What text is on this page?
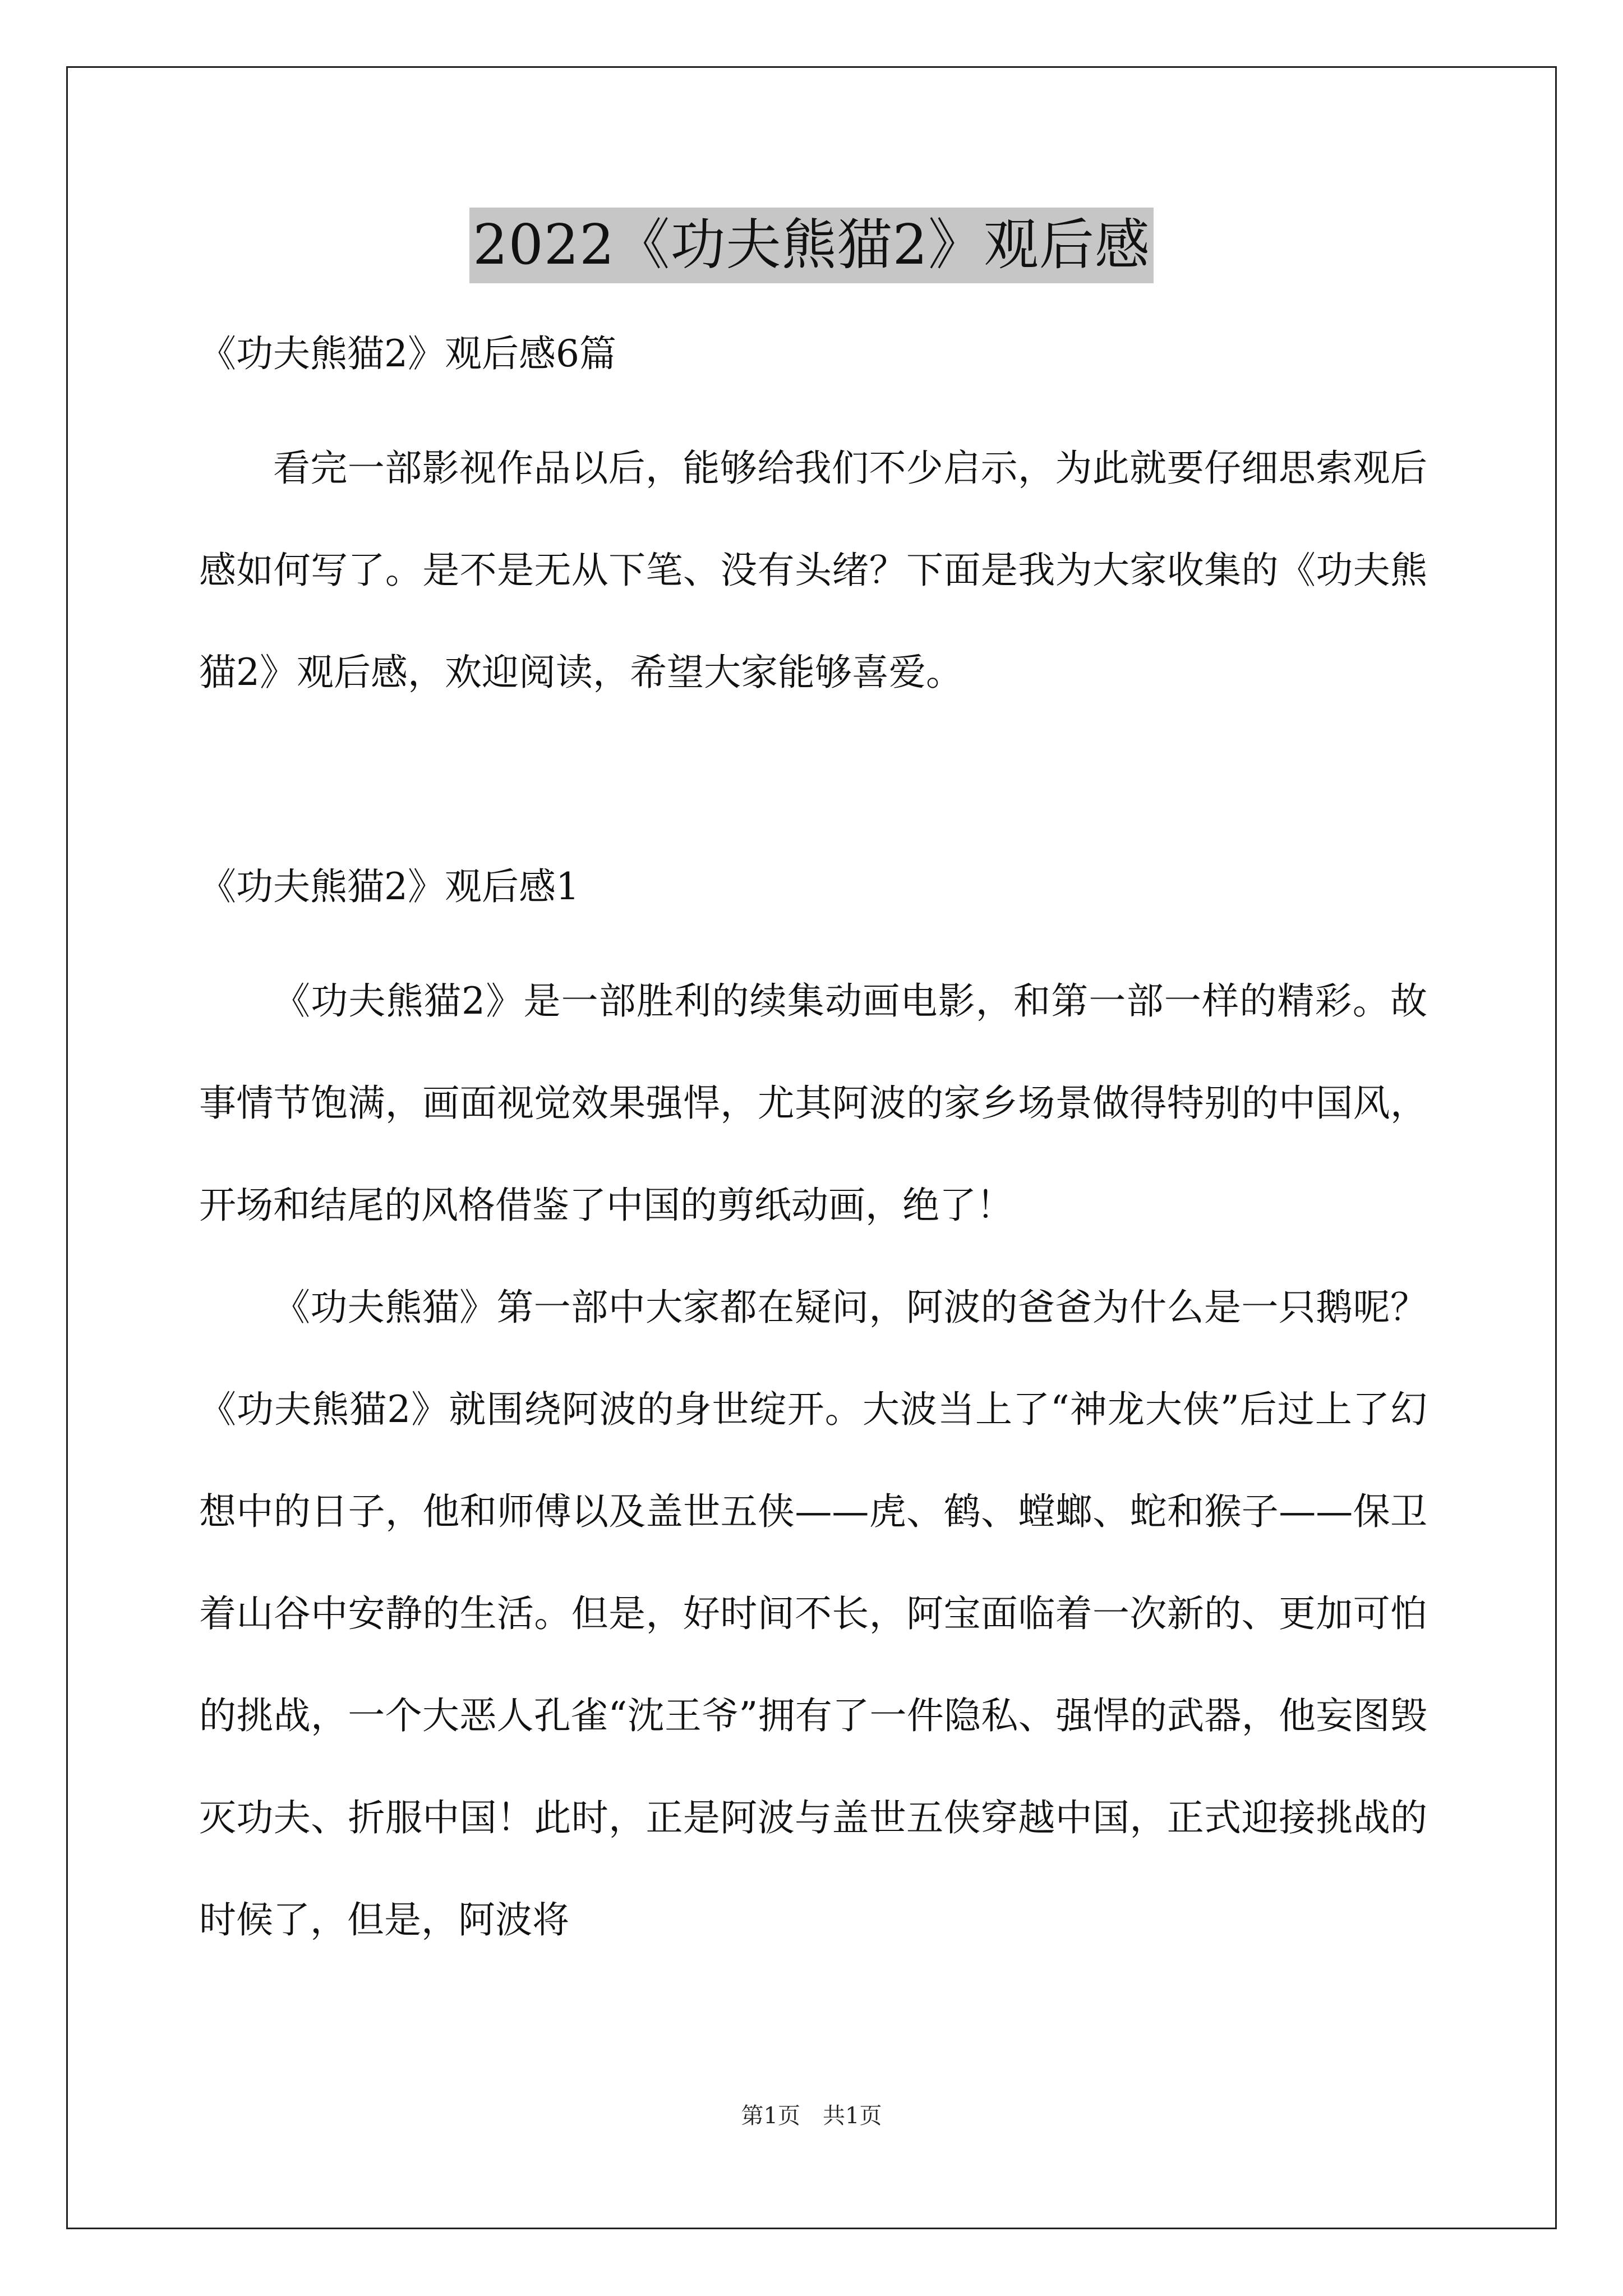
2022《功夫熊猫2》观后感

《功夫熊猫2》观后感6篇

看完一部影视作品以后，能够给我们不少启示，为此就要仔细思索观后感如何写了。是不是无从下笔、没有头绪？下面是我为大家收集的《功夫熊猫2》观后感，欢迎阅读，希望大家能够喜爱。

《功夫熊猫2》观后感1

《功夫熊猫2》是一部胜利的续集动画电影，和第一部一样的精彩。故事情节饱满，画面视觉效果强悍，尤其阿波的家乡场景做得特别的中国风，开场和结尾的风格借鉴了中国的剪纸动画，绝了！

《功夫熊猫》第一部中大家都在疑问，阿波的爸爸为什么是一只鹅呢？《功夫熊猫2》就围绕阿波的身世绽开。大波当上了“神龙大侠”后过上了幻想中的日子，他和师傅以及盖世五侠——虎、鹤、螳螂、蛇和猴子——保卫着山谷中安静的生活。但是，好时间不长，阿宝面临着一次新的、更加可怕的挑战，一个大恶人孔雀“沈王爷”拥有了一件隐私、强悍的武器，他妄图毁灭功夫、折服中国！此时，正是阿波与盖世五侠穿越中国，正式迎接挑战的时候了，但是，阿波将

第1页　共1页
